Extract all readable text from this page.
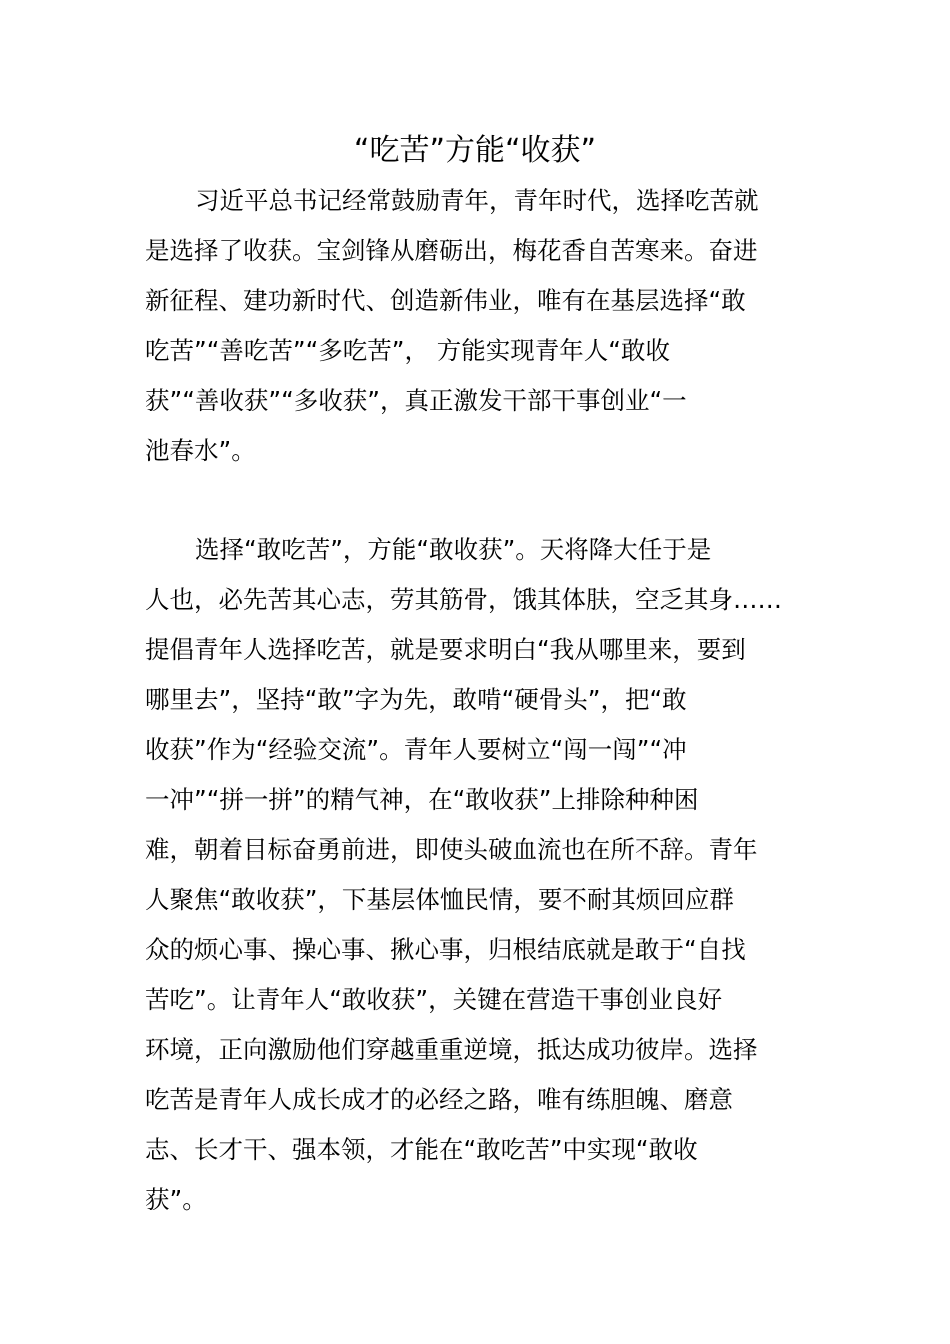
“吃苦”方能“收获”
习近平总书记经常鼓励青年，青年时代，选择吃苦就
是选择了收获。宝剑锋从磨砺出，梅花香自苦寒来。奋进
新征程、建功新时代、创造新伟业，唯有在基层选择“敢
吃苦”“善吃苦”“多吃苦”， 方能实现青年人“敢收
获”“善收获”“多收获”，真正激发干部干事创业“一
池春水”。
选择“敢吃苦”，方能“敢收获”。天将降大任于是
人也，必先苦其心志，劳其筋骨，饿其体肤，空乏其身……
提倡青年人选择吃苦，就是要求明白“我从哪里来，要到
哪里去”，坚持“敢”字为先，敢啃“硬骨头”，把“敢
收获”作为“经验交流”。青年人要树立“闯一闯”“冲
一冲”“拼一拼”的精气神，在“敢收获”上排除种种困
难，朝着目标奋勇前进，即使头破血流也在所不辞。青年
人聚焦“敢收获”，下基层体恤民情，要不耐其烦回应群
众的烦心事、操心事、揪心事，归根结底就是敢于“自找
苦吃”。让青年人“敢收获”，关键在营造干事创业良好
环境，正向激励他们穿越重重逆境，抵达成功彼岸。选择
吃苦是青年人成长成才的必经之路，唯有练胆魄、磨意
志、长才干、强本领，才能在“敢吃苦”中实现“敢收
获”。
